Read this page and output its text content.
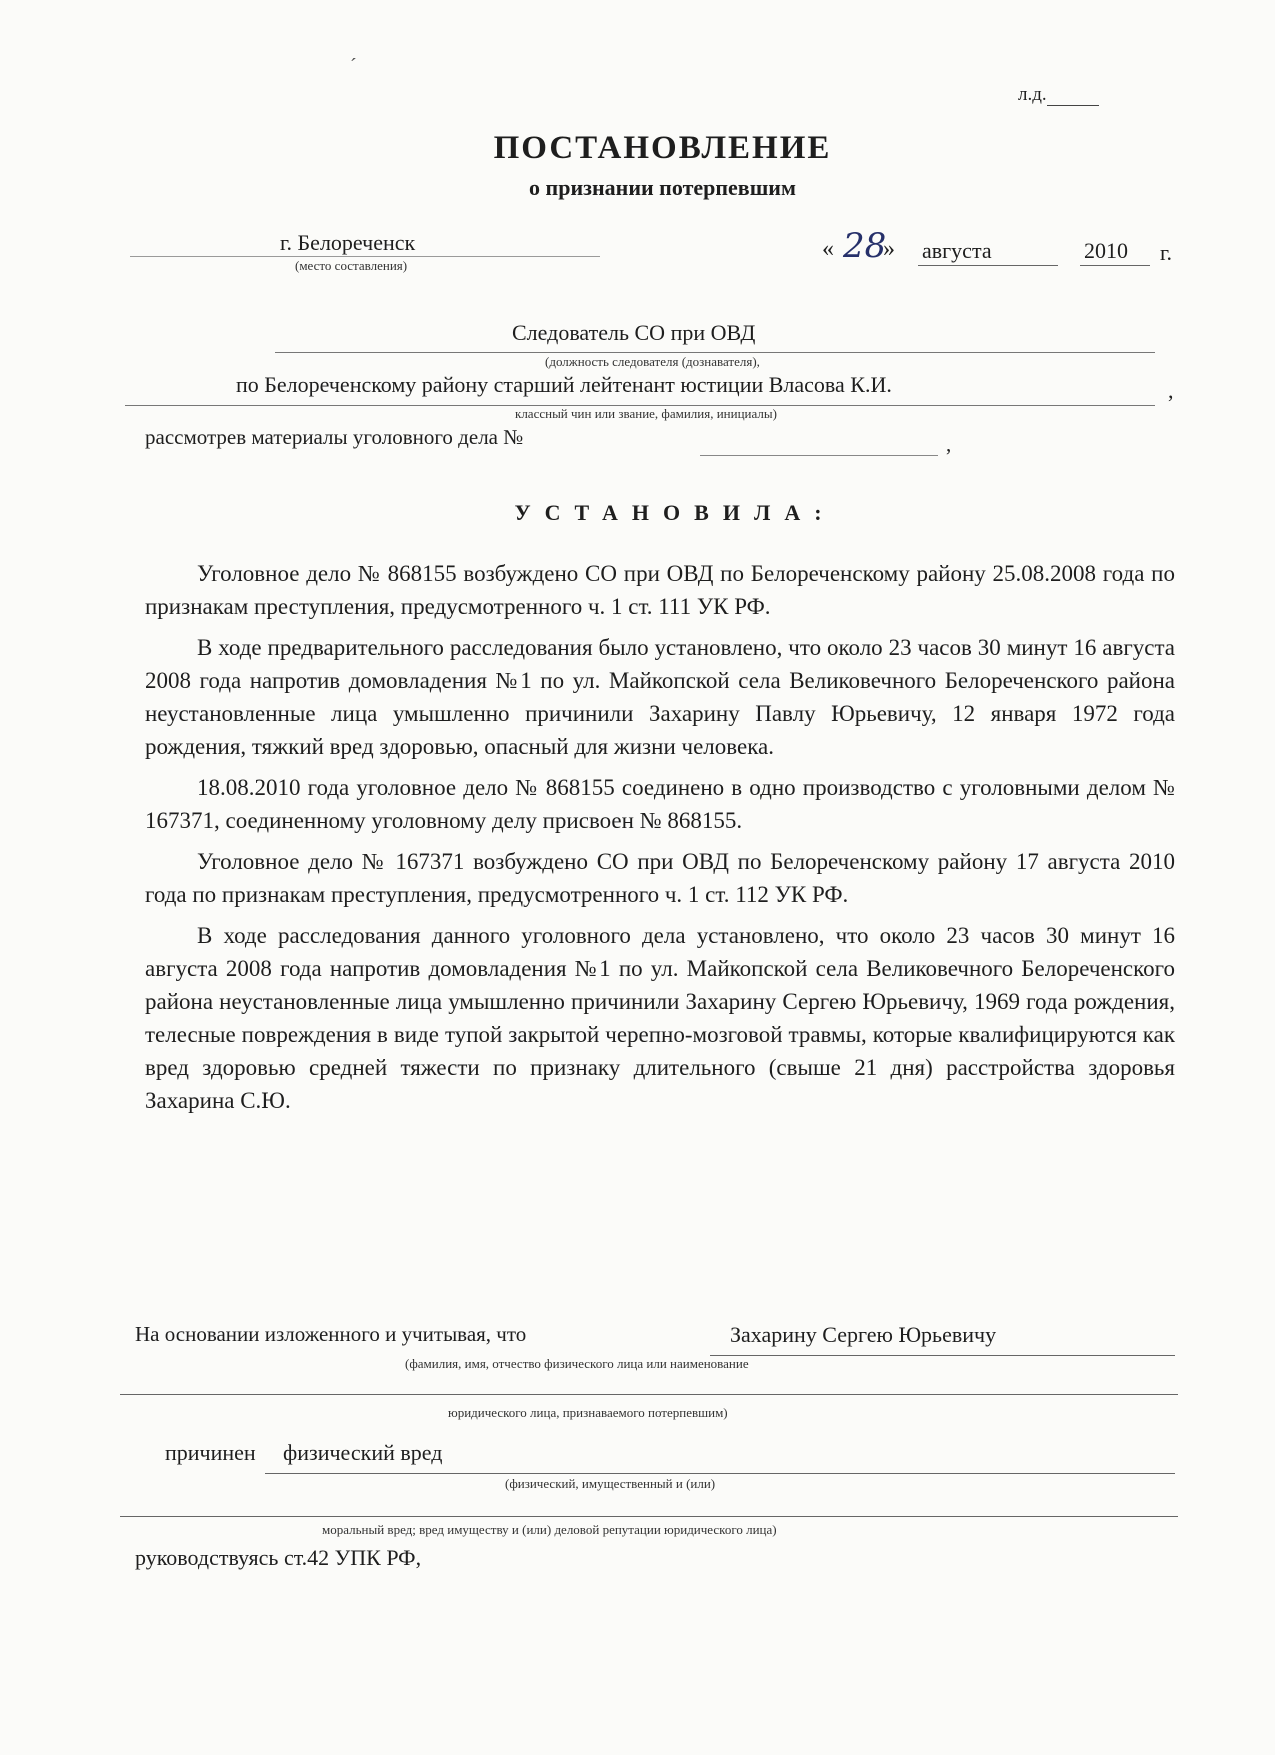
ˊ
л.д.
ПОСТАНОВЛЕНИЕ
о признании потерпевшим
г. Белореченск
(место составления)
« 28
» августа	2010 г.
Следователь СО при ОВД
(должность следователя (дознавателя),
по Белореченскому району старший лейтенант юстиции Власова К.И.	,
классный чин или звание, фамилия, инициалы)
рассмотрев материалы уголовного дела №	,
УСТАНОВИЛА:

Уголовное дело № 868155 возбуждено СО при ОВД по Белореченскому району 25.08.2008 года по признакам преступления, предусмотренного ч. 1 ст. 111 УК РФ.

В ходе предварительного расследования было установлено, что около 23 часов 30 минут 16 августа 2008 года напротив домовладения №1 по ул. Майкопской села Великовечного Белореченского района неустановленные лица умышленно причинили Захарину Павлу Юрьевичу, 12 января 1972 года рождения, тяжкий вред здоровью, опасный для жизни человека.

18.08.2010 года уголовное дело № 868155 соединено в одно производство с уголовными делом № 167371, соединенному уголовному делу присвоен № 868155.

Уголовное дело № 167371 возбуждено СО при ОВД по Белореченскому району 17 августа 2010 года по признакам преступления, предусмотренного ч. 1 ст. 112 УК РФ.

В ходе расследования данного уголовного дела установлено, что около 23 часов 30 минут 16 августа 2008 года напротив домовладения №1 по ул. Майкопской села Великовечного Белореченского района неустановленные лица умышленно причинили Захарину Сергею Юрьевичу, 1969 года рождения, телесные повреждения в виде тупой закрытой черепно-мозговой травмы, которые квалифицируются как вред здоровью средней тяжести по признаку длительного (свыше 21 дня) расстройства здоровья Захарина С.Ю.

На основании изложенного и учитывая, что	Захарину Сергею Юрьевичу
(фамилия, имя, отчество физического лица или наименование
юридического лица, признаваемого потерпевшим)
причинен физический вред
(физический, имущественный и (или)
моральный вред; вред имуществу и (или) деловой репутации юридического лица)
руководствуясь ст.42 УПК РФ,
